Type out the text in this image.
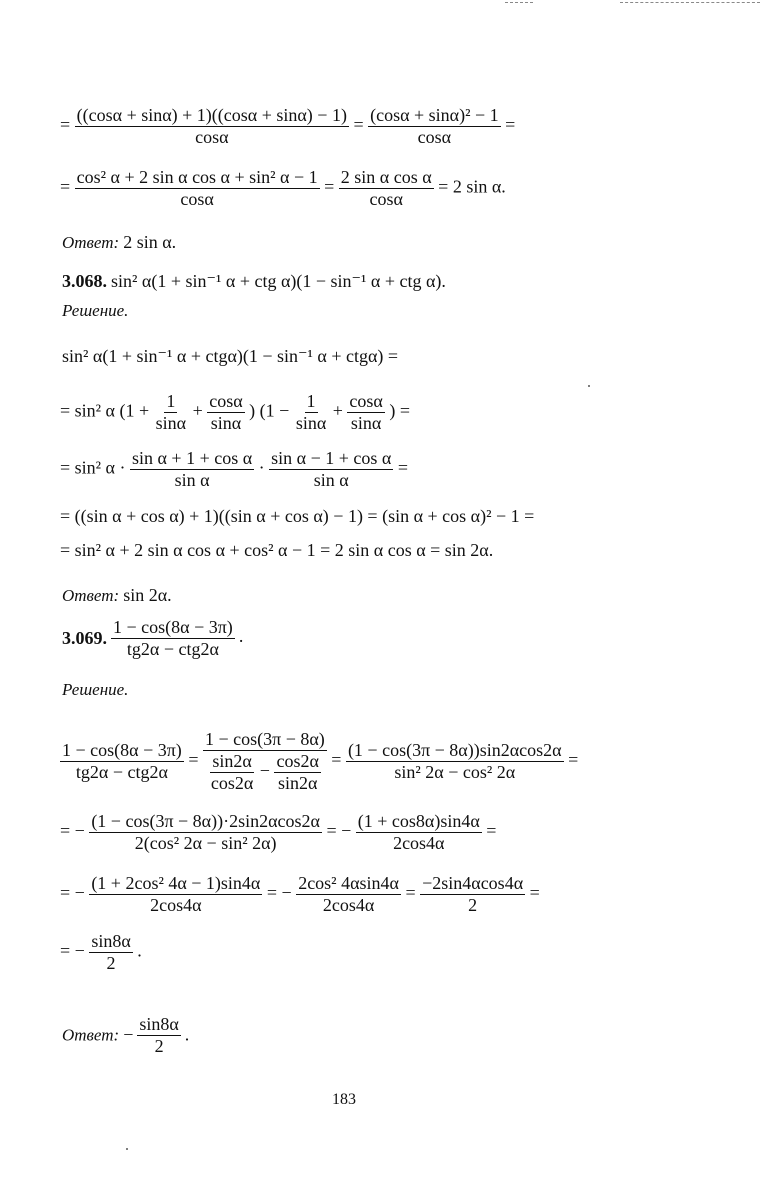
= $\frac{((\cos\alpha + \sin\alpha) + 1)((\cos\alpha + \sin\alpha) - 1)}{\cos\alpha} = \frac{\text{(cosα + sinα)² − 1}}{\cos\alpha}$ =
= $\frac{\text{cos² α + 2 sin α cos α + sin² α − 1}}{\cos\alpha} = \frac{\text{2 sin α cos α}}{\cos\alpha} = 2$ sin α.
Ответ: 2 sin α.
3.068. sin² α(1 + sin⁻¹ α + ctg α)(1 − sin⁻¹ α + ctg α).
Решение.
sin² α(1 + sin⁻¹ α + ctgα)(1 − sin⁻¹ α + ctgα) =
= sin² α ($1 + \frac{1}{\sin\alpha} + \frac{\cos\alpha}{\sin\alpha}$ ) ($1 - \frac{1}{\sin\alpha} + \frac{\cos\alpha}{\sin\alpha}$ ) =
= sin² $\alpha \cdot \frac{\text{sin α + 1 + cos α}}{\text{sin α}} \cdot \frac{\text{sin α − 1 + cos α}}{\text{sin α}}$ =
= ((sin α + cos α) + 1)((sin α + cos α) − 1) = (sin α + cos α)² − 1 =
= sin² α + 2 sin α cos α + cos² α − 1 = 2 sin α cos α = sin 2α.
Ответ: sin 2α.
3.069.
1 − cos(8α − 3π)
tg2α − ctg2α
.
Решение.
1 − cos(8α − 3π)
tg2α − ctg2α
=
1 − cos(3π − 8α)
$\frac{\sin 2\alpha}{\cos 2\alpha} - \frac{\cos 2\alpha}{\sin 2\alpha} = \frac{(1 - \cos(3\pi - 8\alpha))\sin 2\alpha\cos 2\alpha}{\text{sin² 2α − cos² 2α}}$ =
= − $\frac{(1 - \cos(3\pi - 8\alpha))\cdot 2\sin 2\alpha\cos 2\alpha}{\text{2(cos² 2α − sin² 2α)}}$ = − $\frac{(1 + \cos 8\alpha)\sin 4\alpha}{2\cos 4\alpha}$ =
= − $\frac{\text{(1 + 2cos² 4α − 1)sin4α}}{2\cos 4\alpha}$ = − $\frac{\text{2cos² 4αsin4α}}{2\cos 4\alpha} = \frac{-2\sin 4\alpha\cos 4\alpha}{2}$ =
= − $\frac{\sin 8\alpha}{2}$ .
Ответ: − $\frac{\sin 8\alpha}{2}$ .
183
